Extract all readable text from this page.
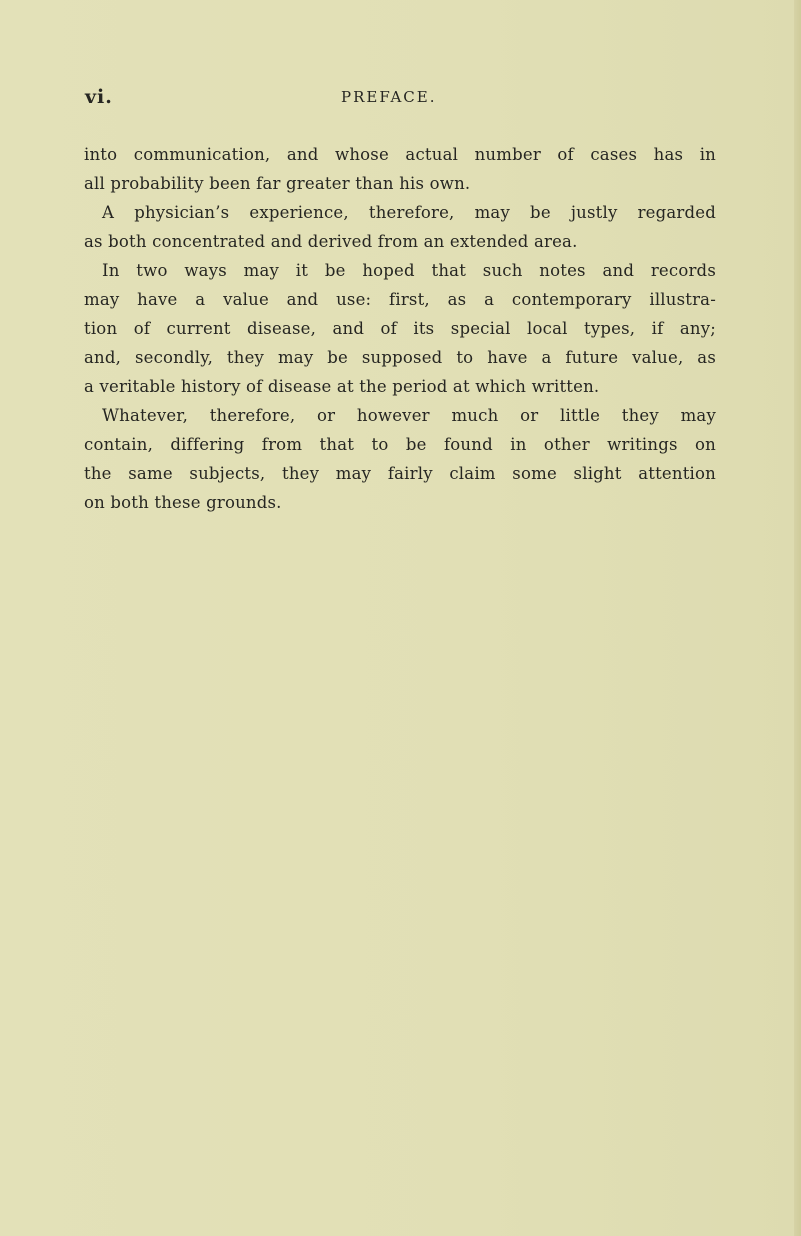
vi.	PREFACE.
into communication, and whose actual number of cases has in
all probability been far greater than his own.
A physician’s experience, therefore, may be justly regarded
as both concentrated and derived from an extended area.
In two ways may it be hoped that such notes and records
may have a value and use: first, as a contemporary illustra-
tion of current disease, and of its special local types, if any;
and, secondly, they may be supposed to have a future value, as
a veritable history of disease at the period at which written.
Whatever, therefore, or however much or little they may
contain, differing from that to be found in other writings on
the same subjects, they may fairly claim some slight attention
on both these grounds.
